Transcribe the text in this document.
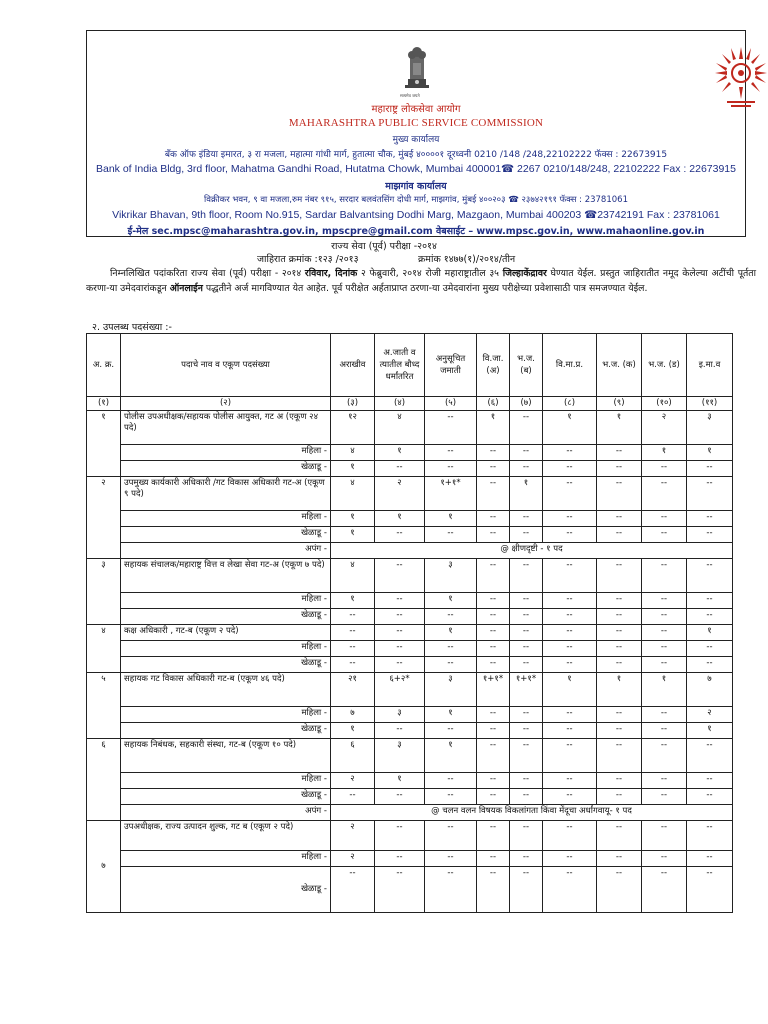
महाराष्ट्र लोकसेवा आयोग
MAHARASHTRA PUBLIC SERVICE COMMISSION
मुख्य कार्यालय
बँक ऑफ इंडिया इमारत, ३ रा मजला, महात्मा गांधी मार्ग, हुतात्मा चौक, मुंबई ४००००१ दूरध्वनी 0210 /148 /248,22102222 फॅक्स : 22673915
Bank of India Bldg, 3rd floor, Mahatma Gandhi Road, Hutatma Chowk, Mumbai 400001☎ 2267 0210/148/248, 22102222 Fax : 22673915
माझगांव कार्यालय
विक्रीकर भवन, ९ वा मजला,रुम नंबर ९१५, सरदार बलवंतसिंग दोधी मार्ग, माझगांव, मुंबई ४००२०३ ☎ २३७४२१९१ फॅक्स : 23781061
Vikrikar Bhavan, 9th floor, Room No.915, Sardar Balvantsing Dodhi Marg, Mazgaon, Mumbai 400203 ☎23742191 Fax : 23781061
ई-मेल sec.mpsc@maharashtra.gov.in, mpscpre@gmail.com वेबसाईट – www.mpsc.gov.in, www.mahaonline.gov.in
सत्यमेव जयते
राज्य सेवा (पूर्व) परीक्षा -२०१४
जाहिरात क्रमांक :१२३ /२०१३	क्रमांक १४७७(१)/२०१४/तीन
निम्नलिखित पदांकरिता राज्य सेवा (पूर्व) परीक्षा - २०१४ रविवार, दिनांक २ फेब्रुवारी, २०१४ रोजी महाराष्ट्रातील ३५ जिल्हाकेंद्रावर घेण्यात येईल. प्रस्तुत जाहिरातीत नमूद केलेल्या अटींची पूर्तता करणा-या उमेदवारांकडून ऑनलाईन पद्धतीने अर्ज मागविण्यात येत आहेत. पूर्व परीक्षेत अर्हताप्राप्त ठरणा-या उमेदवारांना मुख्य परीक्षेच्या प्रवेशासाठी पात्र समजण्यात येईल.
२. उपलब्ध पदसंख्या :-
अ. क्र.	पदाचे नाव व एकूण पदसंख्या	अराखीव	अ.जाती व त्यातील बौध्द धर्मांतरित	अनुसूचित जमाती	वि.जा. (अ)	भ.ज. (ब)	वि.मा.प्र.	भ.ज. (क)	भ.ज. (ड)	इ.मा.व
(१)	(२)	(३)	(४)	(५)	(६)	(७)	(८)	(९)	(१०)	(११)
१	पोलीस उपअधीक्षक/सहायक पोलीस आयुक्त, गट अ (एकूण २४ पदे)	१२	४	--	१	--	१	१	२	३
	महिला -	४	१	--	--	--	--	--	१	१
	खेळाडू -	१	--	--	--	--	--	--	--	--
२	उपमुख्य कार्यकारी अधिकारी /गट विकास अधिकारी गट-अ (एकूण ९ पदे)	४	२	१+१*	--	१	--	--	--	--
	महिला -	१	१	१	--	--	--	--	--	--
	खेळाडू -	१	--	--	--	--	--	--	--	--
	अपंग -	@ क्षीणदृष्टी - १ पद								
३	सहायक संचालक/महाराष्ट्र वित्त व लेखा सेवा गट-अ (एकूण ७ पदे)	४	--	३	--	--	--	--	--	--
	महिला -	१	--	१	--	--	--	--	--	--
	खेळाडू -	--	--	--	--	--	--	--	--	--
४	कक्ष अधिकारी , गट-ब (एकूण २ पदे)	--	--	१	--	--	--	--	--	१
	महिला -	--	--	--	--	--	--	--	--	--
	खेळाडू -	--	--	--	--	--	--	--	--	--
५	सहायक गट विकास अधिकारी गट-ब (एकूण ४६ पदे)	२१	६+२*	३	१+१*	१+१*	१	१	१	७
	महिला -	७	३	१	--	--	--	--	--	२
	खेळाडू -	१	--	--	--	--	--	--	--	१
६	सहायक निबंधक, सहकारी संस्था, गट-ब (एकूण १० पदे)	६	३	१	--	--	--	--	--	--
	महिला -	२	१	--	--	--	--	--	--	--
	खेळाडू -	--	--	--	--	--	--	--	--	--
	अपंग -	@ चलन वलन विषयक विकलांगता किंवा मेंदूचा अर्धांगवायू- १ पद								
७	उपअधीक्षक, राज्य उत्पादन शुल्क, गट ब (एकूण २ पदे)	२	--	--	--	--	--	--	--	--
	महिला -	२	--	--	--	--	--	--	--	--
	खेळाडू -	--	--	--	--	--	--	--	--	--
